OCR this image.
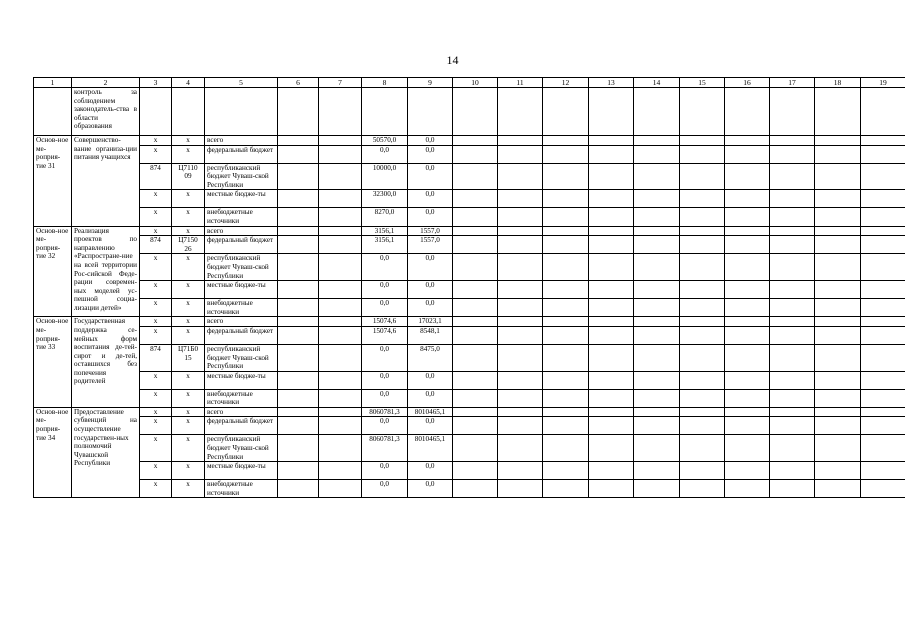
14
1	2	3	4	5	6	7	8	9	10	11	12	13	14	15	16	17	18	19
	контроль за соблюдением законодатель-ства в области образования																	
Основ-ное ме-роприя-тие 31	Совершенство-вание организа-ции питания учащихся	x	x	всего			50570,0	0,0										
		x	x	федеральный бюджет			0,0	0,0										
		874	Ц7110 09	республиканский бюджет Чуваш-ской Республики			10000,0	0,0										
		x	x	местные бюдже-ты			32300,0	0,0										
		x	x	внебюджетные источники			8270,0	0,0										
Основ-ное ме-роприя-тие 32	Реализация проектов по направлению «Распростране-ние на всей территории Рос-сийской Феде-рации современ-ных моделей ус-пешной социа-лизации детей»	x	x	всего			3156,1	1557,0										
		874	Ц7150 26	федеральный бюджет			3156,1	1557,0										
		x	x	республиканский бюджет Чуваш-ской Республики			0,0	0,0										
		x	x	местные бюдже-ты			0,0	0,0										
		x	x	внебюджетные источники			0,0	0,0										
Основ-ное ме-роприя-тие 33	Государственная поддержка се-мейных форм воспитания де-тей-сирот и де-тей, оставшихся без попечения родителей	x	x	всего			15074,6	17023,1										
		x	x	федеральный бюджет			15074,6	8548,1										
		874	Ц71Б0 15	республиканский бюджет Чуваш-ской Республики			0,0	8475,0										
		x	x	местные бюдже-ты			0,0	0,0										
		x	x	внебюджетные источники			0,0	0,0										
Основ-ное ме-роприя-тие 34	Предоставление субвенций на осуществление государствен-ных полномочий Чувашской Республики	x	x	всего			8060781,3	8010465,1										
		x	x	федеральный бюджет			0,0	0,0										
		x	x	республиканский бюджет Чуваш-ской Республики			8060781,3	8010465,1										
		x	x	местные бюдже-ты			0,0	0,0										
		x	x	внебюджетные источники			0,0	0,0										
